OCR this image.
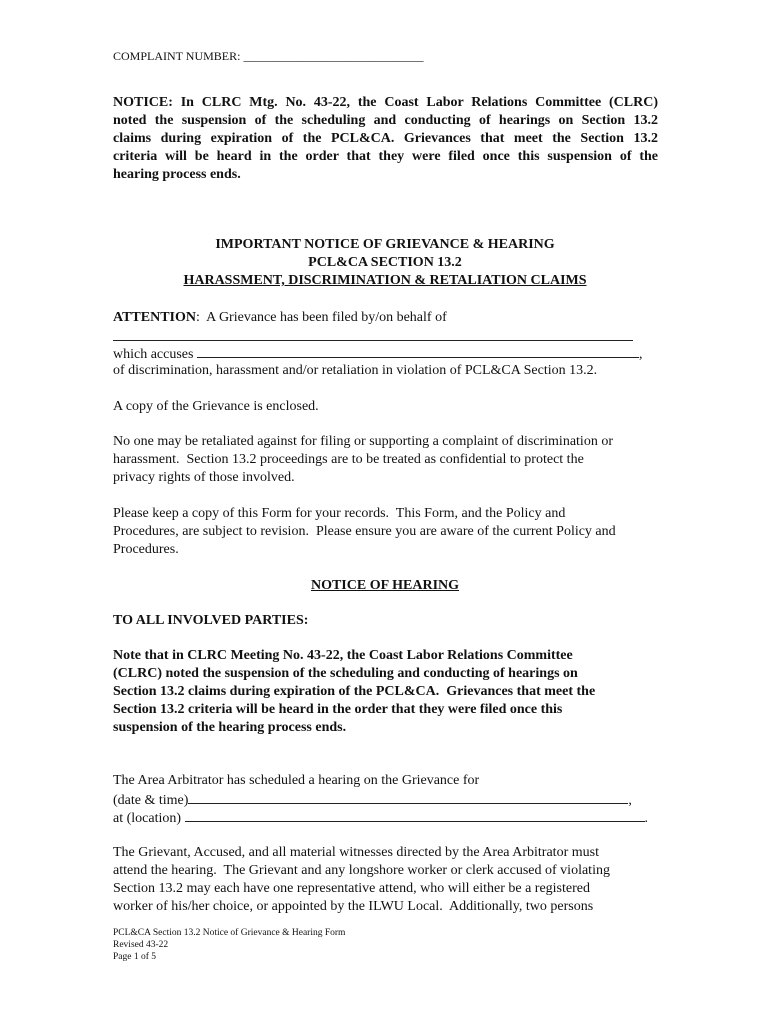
COMPLAINT NUMBER: ______________________________
NOTICE: In CLRC Mtg. No. 43-22, the Coast Labor Relations Committee (CLRC)
noted the suspension of the scheduling and conducting of hearings on Section 13.2
claims during expiration of the PCL&CA. Grievances that meet the Section 13.2
criteria will be heard in the order that they were filed once this suspension of the
hearing process ends.
IMPORTANT NOTICE OF GRIEVANCE & HEARING
PCL&CA SECTION 13.2
HARASSMENT, DISCRIMINATION & RETALIATION CLAIMS
ATTENTION:  A Grievance has been filed by/on behalf of
which accuses	,
of discrimination, harassment and/or retaliation in violation of PCL&CA Section 13.2.
A copy of the Grievance is enclosed.
No one may be retaliated against for filing or supporting a complaint of discrimination or
harassment.  Section 13.2 proceedings are to be treated as confidential to protect the
privacy rights of those involved.
Please keep a copy of this Form for your records.  This Form, and the Policy and
Procedures, are subject to revision.  Please ensure you are aware of the current Policy and
Procedures.
NOTICE OF HEARING
TO ALL INVOLVED PARTIES:
Note that in CLRC Meeting No. 43-22, the Coast Labor Relations Committee
(CLRC) noted the suspension of the scheduling and conducting of hearings on
Section 13.2 claims during expiration of the PCL&CA.  Grievances that meet the
Section 13.2 criteria will be heard in the order that they were filed once this
suspension of the hearing process ends.
The Area Arbitrator has scheduled a hearing on the Grievance for
(date & time)	,
at (location)	.
The Grievant, Accused, and all material witnesses directed by the Area Arbitrator must
attend the hearing.  The Grievant and any longshore worker or clerk accused of violating
Section 13.2 may each have one representative attend, who will either be a registered
worker of his/her choice, or appointed by the ILWU Local.  Additionally, two persons
PCL&CA Section 13.2 Notice of Grievance & Hearing Form
Revised 43-22
Page 1 of 5
